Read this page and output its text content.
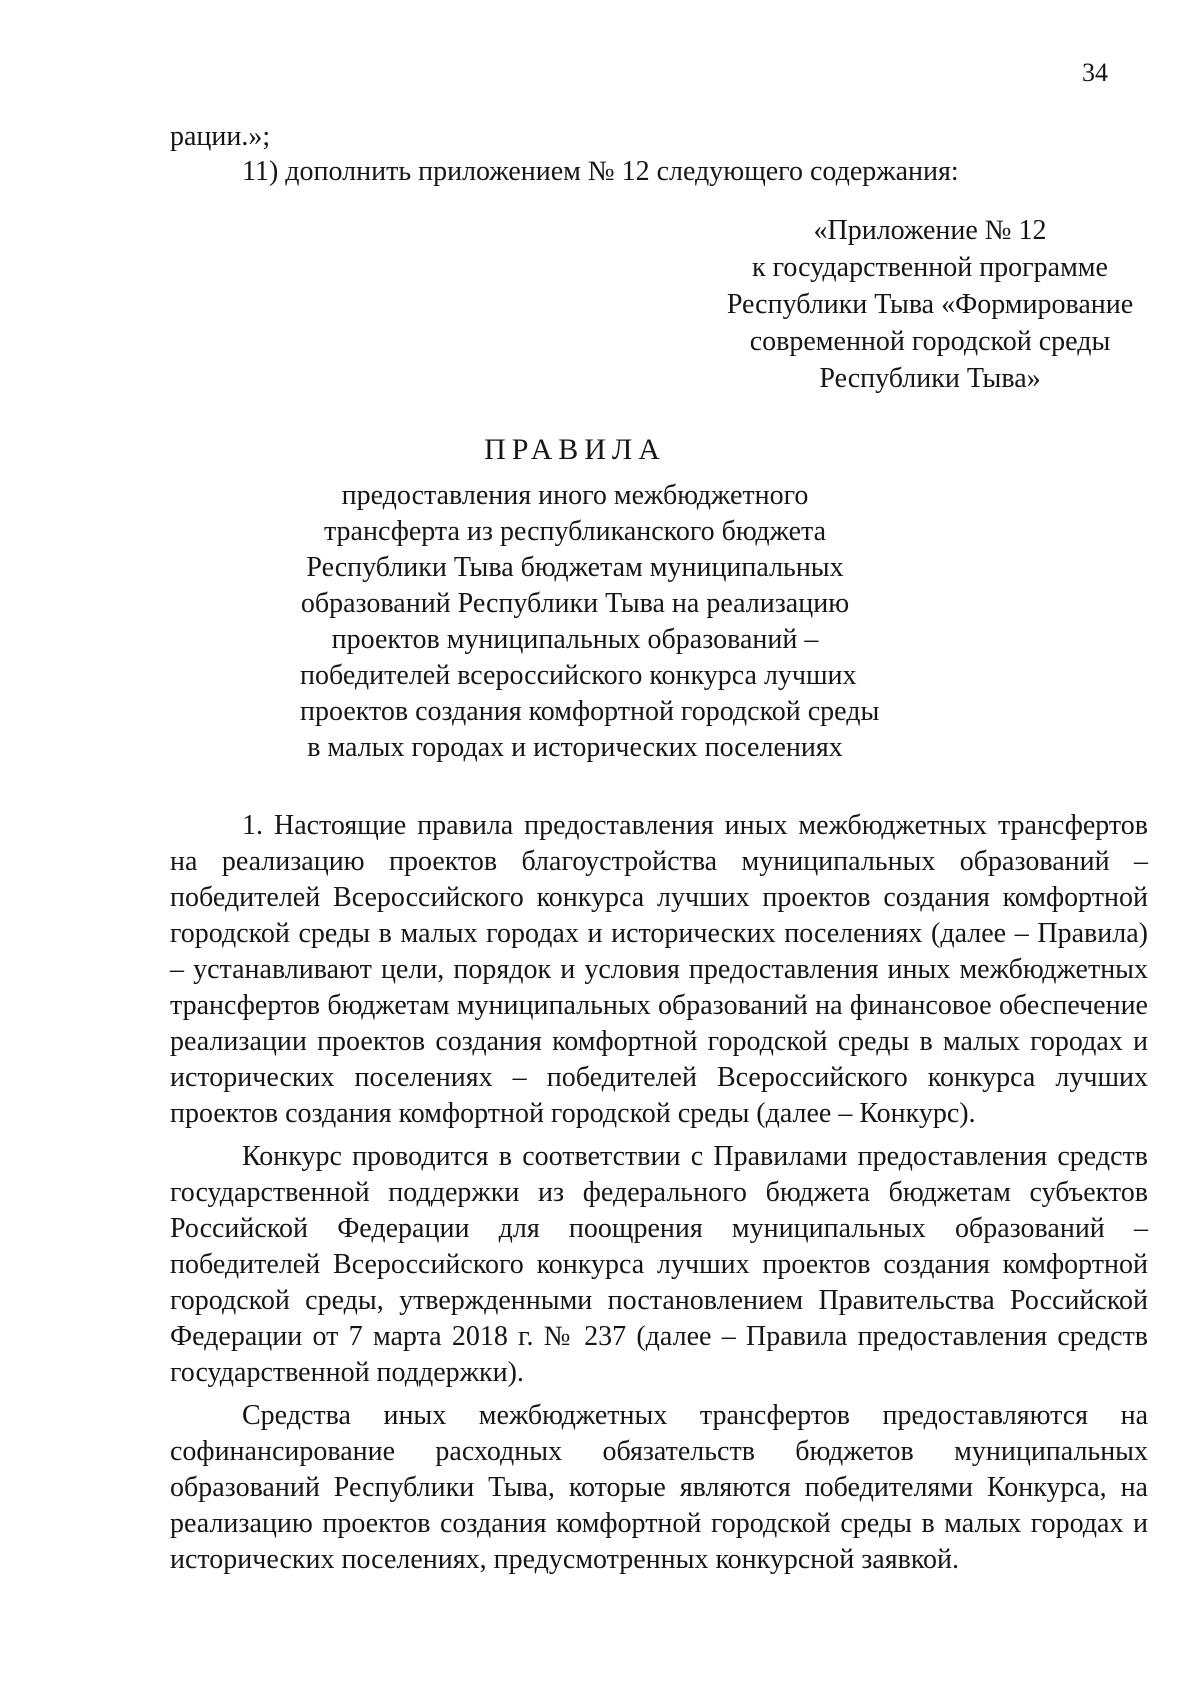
34
рации.»;
11) дополнить приложением № 12 следующего содержания:
«Приложение № 12
к государственной программе
Республики Тыва «Формирование
современной городской среды
Республики Тыва»
ПРАВИЛА
предоставления иного межбюджетного
трансферта из республиканского бюджета
Республики Тыва бюджетам муниципальных
образований Республики Тыва на реализацию
проектов муниципальных образований –
победителей всероссийского конкурса лучших
проектов создания комфортной городской среды
в малых городах и исторических поселениях

1. Настоящие правила предоставления иных межбюджетных трансфертов на реализацию проектов благоустройства муниципальных образований – победителей Всероссийского конкурса лучших проектов создания комфортной городской среды в малых городах и исторических поселениях (далее – Правила) – устанавливают цели, порядок и условия предоставления иных межбюджетных трансфертов бюджетам муниципальных образований на финансовое обеспечение реализации проектов создания комфортной городской среды в малых городах и исторических поселениях – победителей Всероссийского конкурса лучших проектов создания комфортной городской среды (далее – Конкурс).

Конкурс проводится в соответствии с Правилами предоставления средств государственной поддержки из федерального бюджета бюджетам субъектов Российской Федерации для поощрения муниципальных образований – победителей Всероссийского конкурса лучших проектов создания комфортной городской среды, утвержденными постановлением Правительства Российской Федерации от 7 марта 2018 г. № 237 (далее – Правила предоставления средств государственной поддержки).

Средства иных межбюджетных трансфертов предоставляются на софинансирование расходных обязательств бюджетов муниципальных образований Республики Тыва, которые являются победителями Конкурса, на реализацию проектов создания комфортной городской среды в малых городах и исторических поселениях, предусмотренных конкурсной заявкой.
